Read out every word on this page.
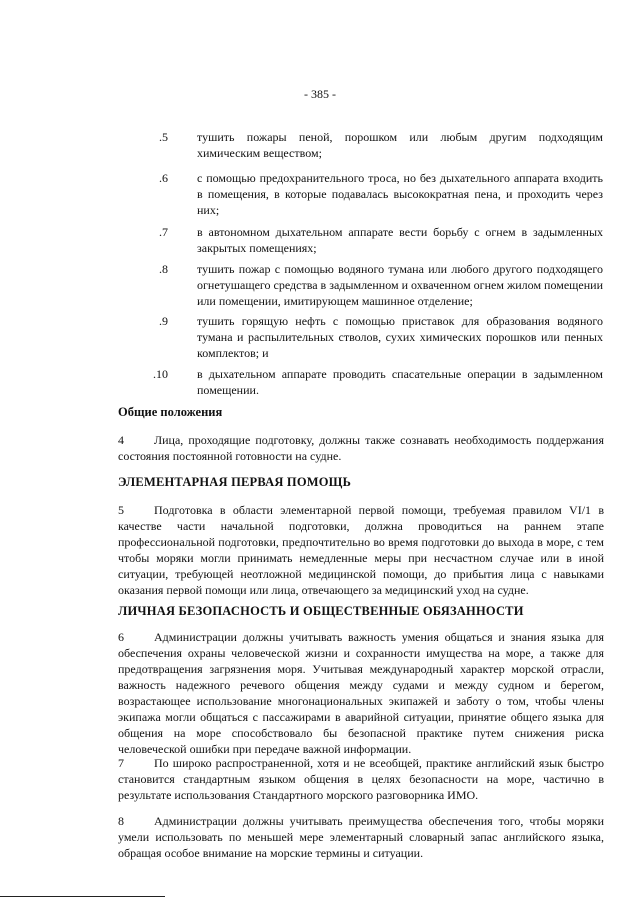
- 385 -
.5 тушить пожары пеной, порошком или любым другим подходящим химическим веществом;
.6 с помощью предохранительного троса, но без дыхательного аппарата входить в помещения, в которые подавалась высокократная пена, и проходить через них;
.7 в автономном дыхательном аппарате вести борьбу с огнем в задымленных закрытых помещениях;
.8 тушить пожар с помощью водяного тумана или любого другого подходящего огнетушащего средства в задымленном и охваченном огнем жилом помещении или помещении, имитирующем машинное отделение;
.9 тушить горящую нефть с помощью приставок для образования водяного тумана и распылительных стволов, сухих химических порошков или пенных комплектов; и
.10 в дыхательном аппарате проводить спасательные операции в задымленном помещении.
Общие положения
4	Лица, проходящие подготовку, должны также сознавать необходимость поддержания состояния постоянной готовности на судне.
ЭЛЕМЕНТАРНАЯ ПЕРВАЯ ПОМОЩЬ
5	Подготовка в области элементарной первой помощи, требуемая правилом VI/1 в качестве части начальной подготовки, должна проводиться на раннем этапе профессиональной подготовки, предпочтительно во время подготовки до выхода в море, с тем чтобы моряки могли принимать немедленные меры при несчастном случае или в иной ситуации, требующей неотложной медицинской помощи, до прибытия лица с навыками оказания первой помощи или лица, отвечающего за медицинский уход на судне.
ЛИЧНАЯ БЕЗОПАСНОСТЬ И ОБЩЕСТВЕННЫЕ ОБЯЗАННОСТИ
6	Администрации должны учитывать важность умения общаться и знания языка для обеспечения охраны человеческой жизни и сохранности имущества на море, а также для предотвращения загрязнения моря. Учитывая международный характер морской отрасли, важность надежного речевого общения между судами и между судном и берегом, возрастающее использование многонациональных экипажей и заботу о том, чтобы члены экипажа могли общаться с пассажирами в аварийной ситуации, принятие общего языка для общения на море способствовало бы безопасной практике путем снижения риска человеческой ошибки при передаче важной информации.
7	По широко распространенной, хотя и не всеобщей, практике английский язык быстро становится стандартным языком общения в целях безопасности на море, частично в результате использования Стандартного морского разговорника ИМО.
8	Администрации должны учитывать преимущества обеспечения того, чтобы моряки умели использовать по меньшей мере элементарный словарный запас английского языка, обращая особое внимание на морские термины и ситуации.
